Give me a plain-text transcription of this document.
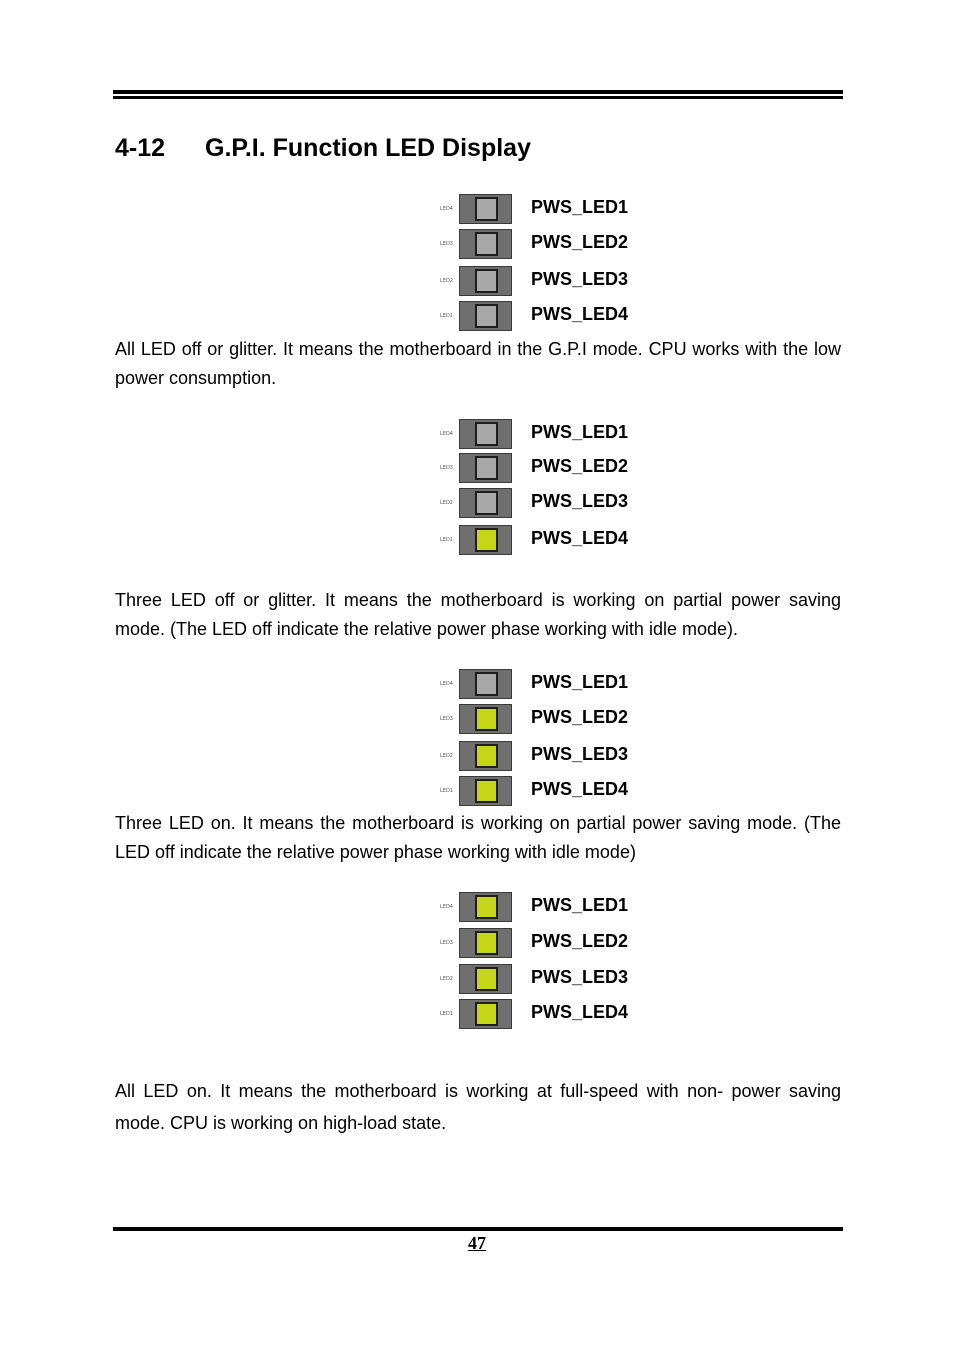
4-12 G.P.I. Function LED Display
LED4	PWS_LED1
LED3	PWS_LED2
LED2	PWS_LED3
LED1	PWS_LED4

All LED off or glitter. It means the motherboard in the G.P.I mode. CPU works with the low power consumption.

LED4	PWS_LED1
LED3	PWS_LED2
LED2	PWS_LED3
LED1	PWS_LED4

Three LED off or glitter. It means the motherboard is working on partial power saving mode. (The LED off indicate the relative power phase working with idle mode).

LED4	PWS_LED1
LED3	PWS_LED2
LED2	PWS_LED3
LED1	PWS_LED4

Three LED on. It means the motherboard is working on partial power saving mode. (The LED off indicate the relative power phase working with idle mode)

LED4	PWS_LED1
LED3	PWS_LED2
LED2	PWS_LED3
LED1	PWS_LED4

All LED on. It means the motherboard is working at full-speed with non- power saving mode. CPU is working on high-load state.

47
